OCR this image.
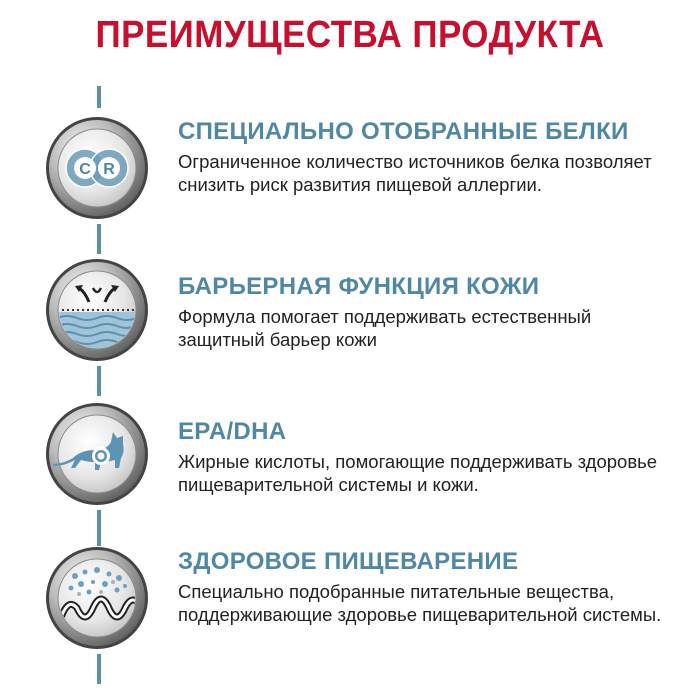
ПРЕИМУЩЕСТВА ПРОДУКТА
C R
СПЕЦИАЛЬНО ОТОБРАННЫЕ БЕЛКИ
Ограниченное количество источников белка позволяет снизить риск развития пищевой аллергии.
БАРЬЕРНАЯ ФУНКЦИЯ КОЖИ
Формула помогает поддерживать естественный защитный барьер кожи
EPA/DHA
Жирные кислоты, помогающие поддерживать здоровье пищеварительной системы и кожи.
ЗДОРОВОЕ ПИЩЕВАРЕНИЕ
Специально подобранные питательные вещества, поддерживающие здоровье пищеварительной системы.
